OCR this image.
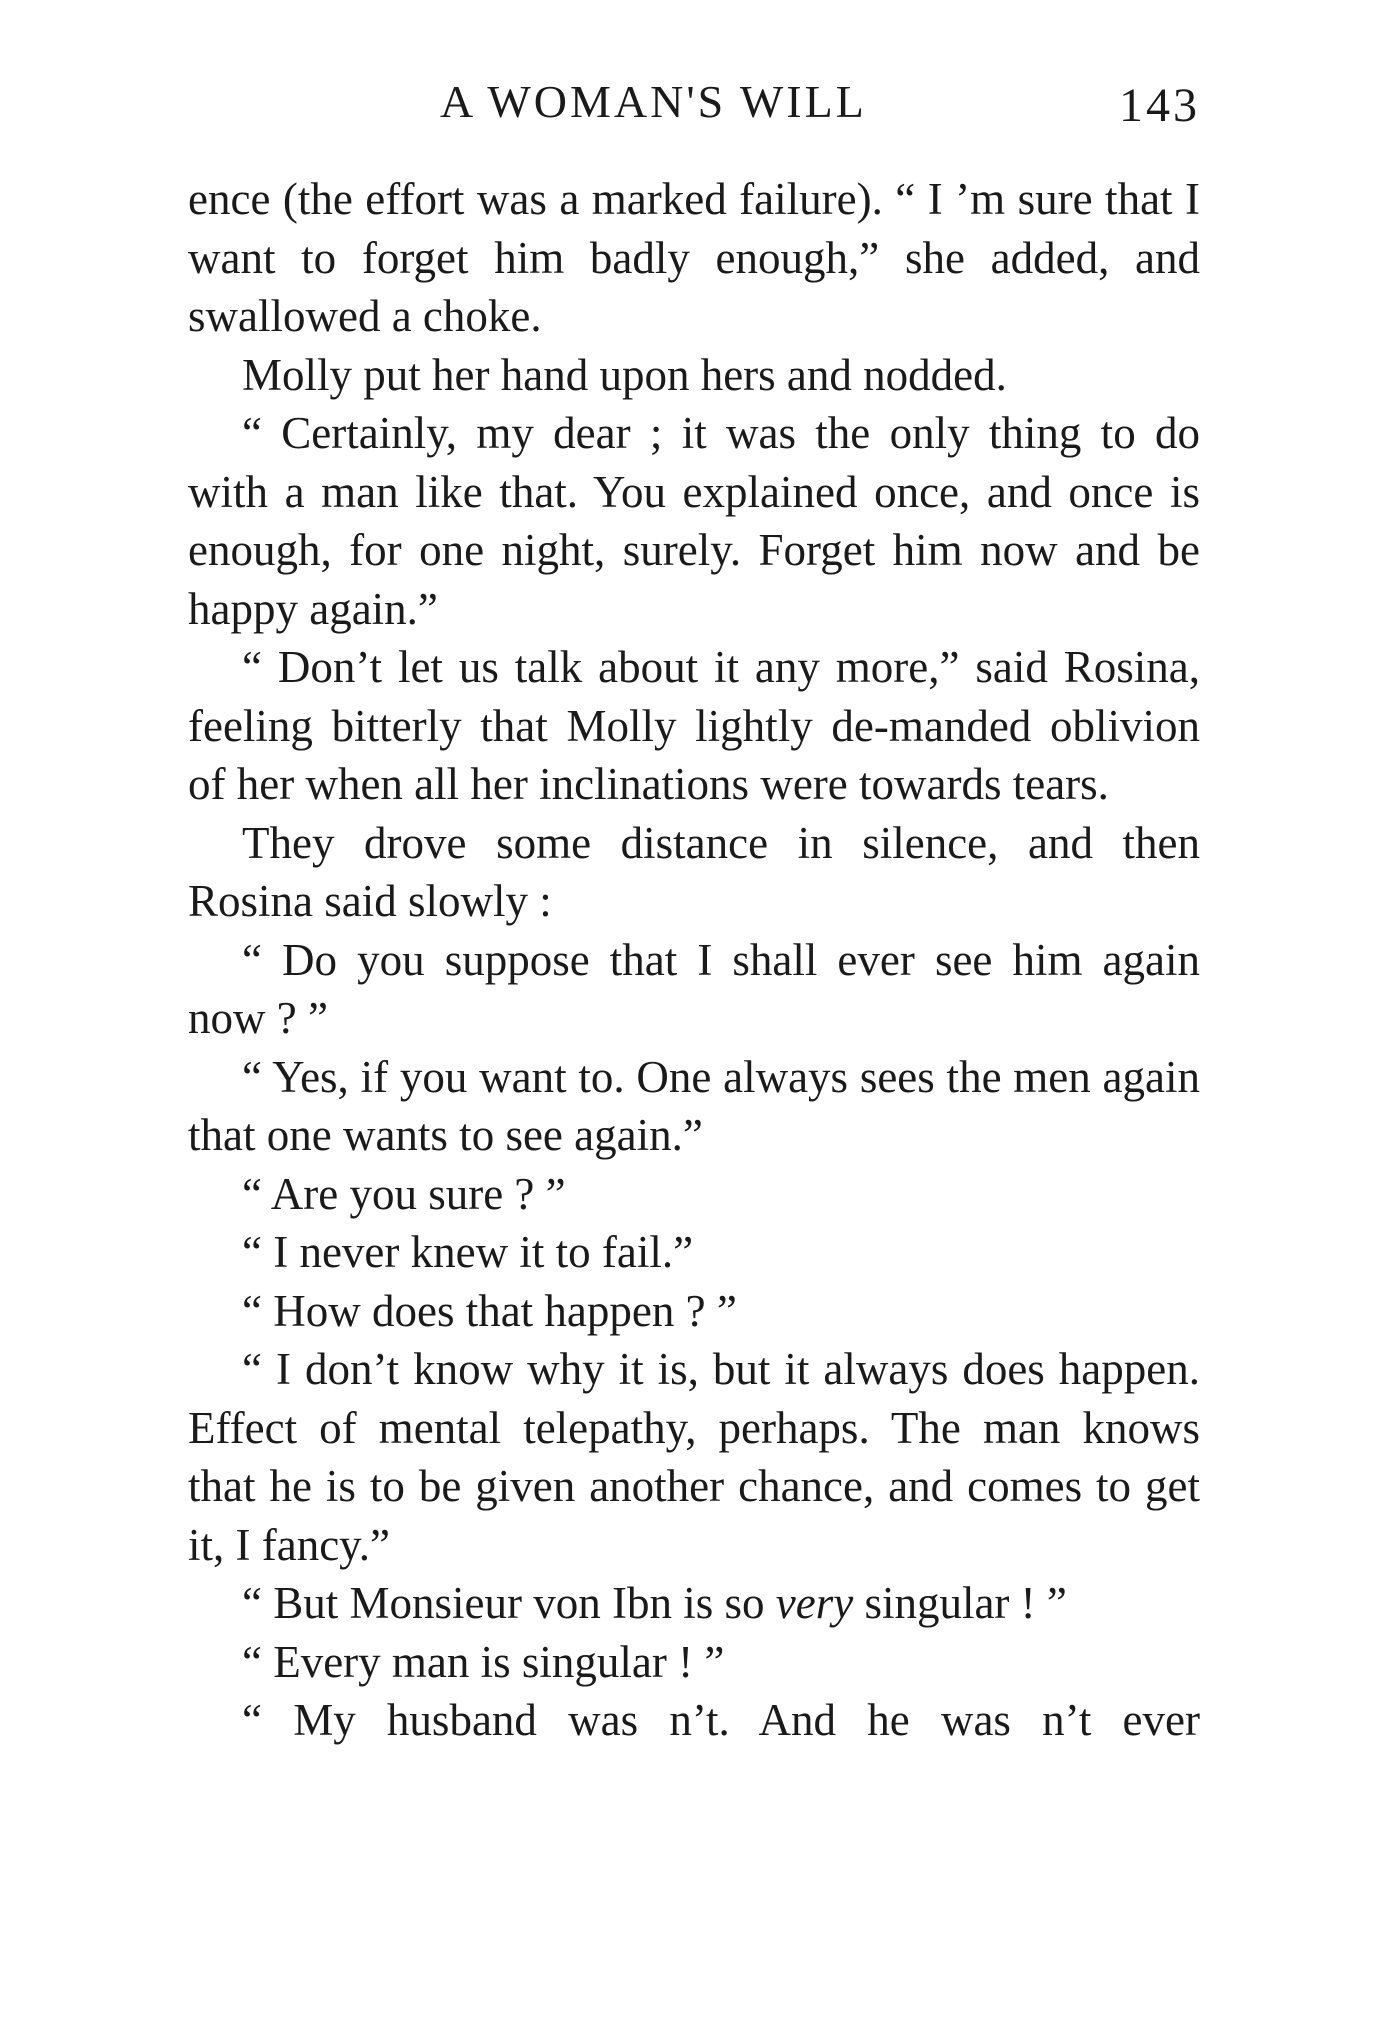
A WOMAN'S WILL	143

ence (the effort was a marked failure). “ I ’m sure that I want to forget him badly enough,” she added, and swallowed a choke.

Molly put her hand upon hers and nodded.

“ Certainly, my dear ; it was the only thing to do with a man like that. You explained once, and once is enough, for one night, surely. Forget him now and be happy again.”

“ Don’t let us talk about it any more,” said Rosina, feeling bitterly that Molly lightly de-manded oblivion of her when all her inclinations were towards tears.

They drove some distance in silence, and then Rosina said slowly :

“ Do you suppose that I shall ever see him again now ? ”

“ Yes, if you want to. One always sees the men again that one wants to see again.”

“ Are you sure ? ”

“ I never knew it to fail.”

“ How does that happen ? ”

“ I don’t know why it is, but it always does happen. Effect of mental telepathy, perhaps. The man knows that he is to be given another chance, and comes to get it, I fancy.”

“ But Monsieur von Ibn is so very singular ! ”

“ Every man is singular ! ”

“ My husband was n’t. And he was n’t ever
